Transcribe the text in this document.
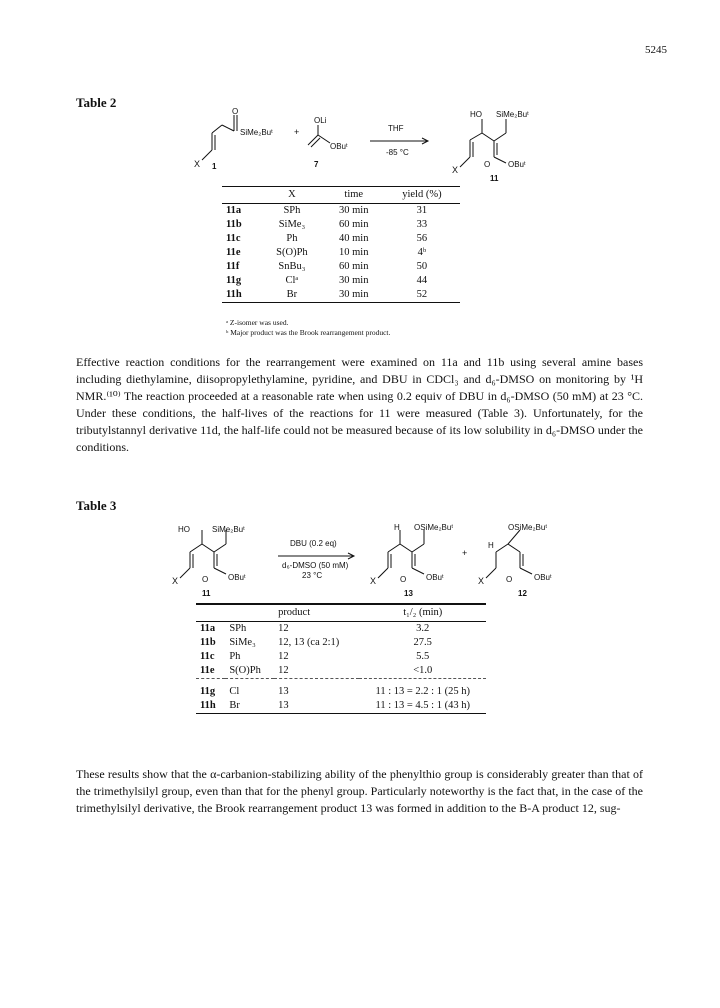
5245
Table 2
O
SiMe₂Buᵗ
X 1
+
OLi
OBuᵗ
7
THF
-85 °C
HO SiMe₂Buᵗ
X
O OBuᵗ
11
	X	time	yield (%)
11a	SPh	30 min	31
11b	SiMe₃	60 min	33
11c	Ph	40 min	56
11e	S(O)Ph	10 min	4ᵇ
11f	SnBu₃	60 min	50
11g	Clᵃ	30 min	44
11h	Br	30 min	52
ᵃ Z-isomer was used.
ᵇ Major product was the Brook rearrangement product.
Effective reaction conditions for the rearrangement were examined on 11a and 11b using several amine bases including diethylamine, diisopropylethylamine, pyridine, and DBU in CDCl₃ and d₆-DMSO on monitoring by ¹H NMR.⁽¹⁰⁾ The reaction proceeded at a reasonable rate when using 0.2 equiv of DBU in d₆-DMSO (50 mM) at 23 °C. Under these conditions, the half-lives of the reactions for 11 were measured (Table 3). Unfortunately, for the tributylstannyl derivative 11d, the half-life could not be measured because of its low solubility in d₆-DMSO under the conditions.
Table 3
HO	SiMe₂Buᵗ
X	O OBuᵗ
11
DBU (0.2 eq)
d₆-DMSO (50 mM)
23 °C
H OSiMe₂Buᵗ
X	O OBuᵗ
13
+
OSiMe₂Buᵗ
H
X	O	OBuᵗ
12

		product	t₁/₂ (min)
11a	SPh	12	3.2
11b	SiMe₃	12, 13 (ca 2:1)	27.5
11c	Ph	12	5.5
11e	S(O)Ph	12	<1.0

11g	Cl	13	11 : 13 = 2.2 : 1 (25 h)
11h	Br	13	11 : 13 = 4.5 : 1 (43 h)
These results show that the α-carbanion-stabilizing ability of the phenylthio group is considerably greater than that of the trimethylsilyl group, even than that for the phenyl group. Particularly noteworthy is the fact that, in the case of the trimethylsilyl derivative, the Brook rearrangement product 13 was formed in addition to the B-A product 12, sug-
